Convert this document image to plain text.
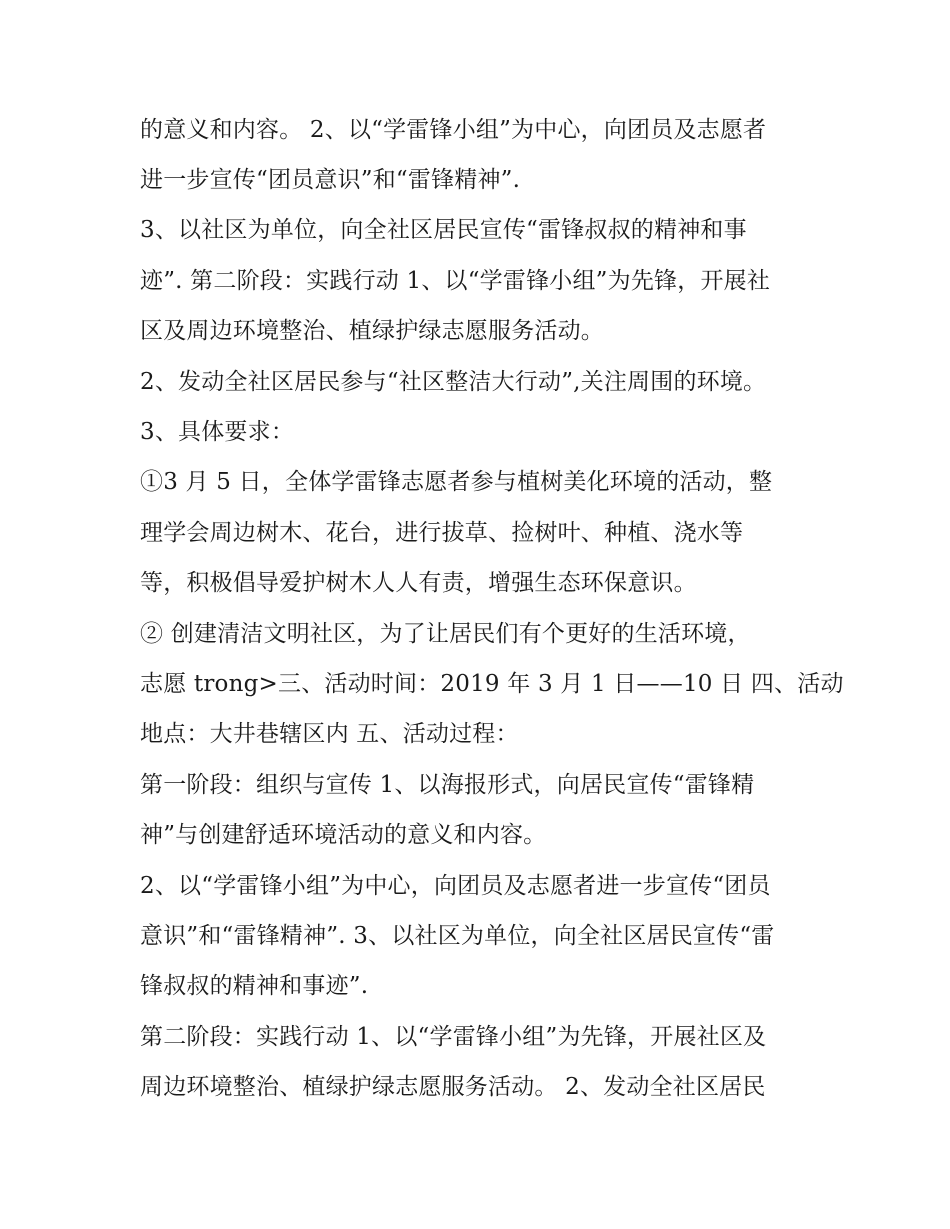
的意义和内容。 2、以“学雷锋小组”为中心，向团员及志愿者
进一步宣传“团员意识”和“雷锋精神”.
3、以社区为单位，向全社区居民宣传“雷锋叔叔的精神和事
迹”. 第二阶段：实践行动 1、以“学雷锋小组”为先锋，开展社
区及周边环境整治、植绿护绿志愿服务活动。
2、发动全社区居民参与“社区整洁大行动”,关注周围的环境。
3、具体要求：
①3 月 5 日，全体学雷锋志愿者参与植树美化环境的活动，整
理学会周边树木、花台，进行拔草、捡树叶、种植、浇水等
等，积极倡导爱护树木人人有责，增强生态环保意识。
② 创建清洁文明社区，为了让居民们有个更好的生活环境，
志愿 trong>三、活动时间：2019 年 3 月 1 日——10 日 四、活动
地点：大井巷辖区内 五、活动过程：
第一阶段：组织与宣传 1、以海报形式，向居民宣传“雷锋精
神”与创建舒适环境活动的意义和内容。
2、以“学雷锋小组”为中心，向团员及志愿者进一步宣传“团员
意识”和“雷锋精神”. 3、以社区为单位，向全社区居民宣传“雷
锋叔叔的精神和事迹”.
第二阶段：实践行动 1、以“学雷锋小组”为先锋，开展社区及
周边环境整治、植绿护绿志愿服务活动。 2、发动全社区居民
